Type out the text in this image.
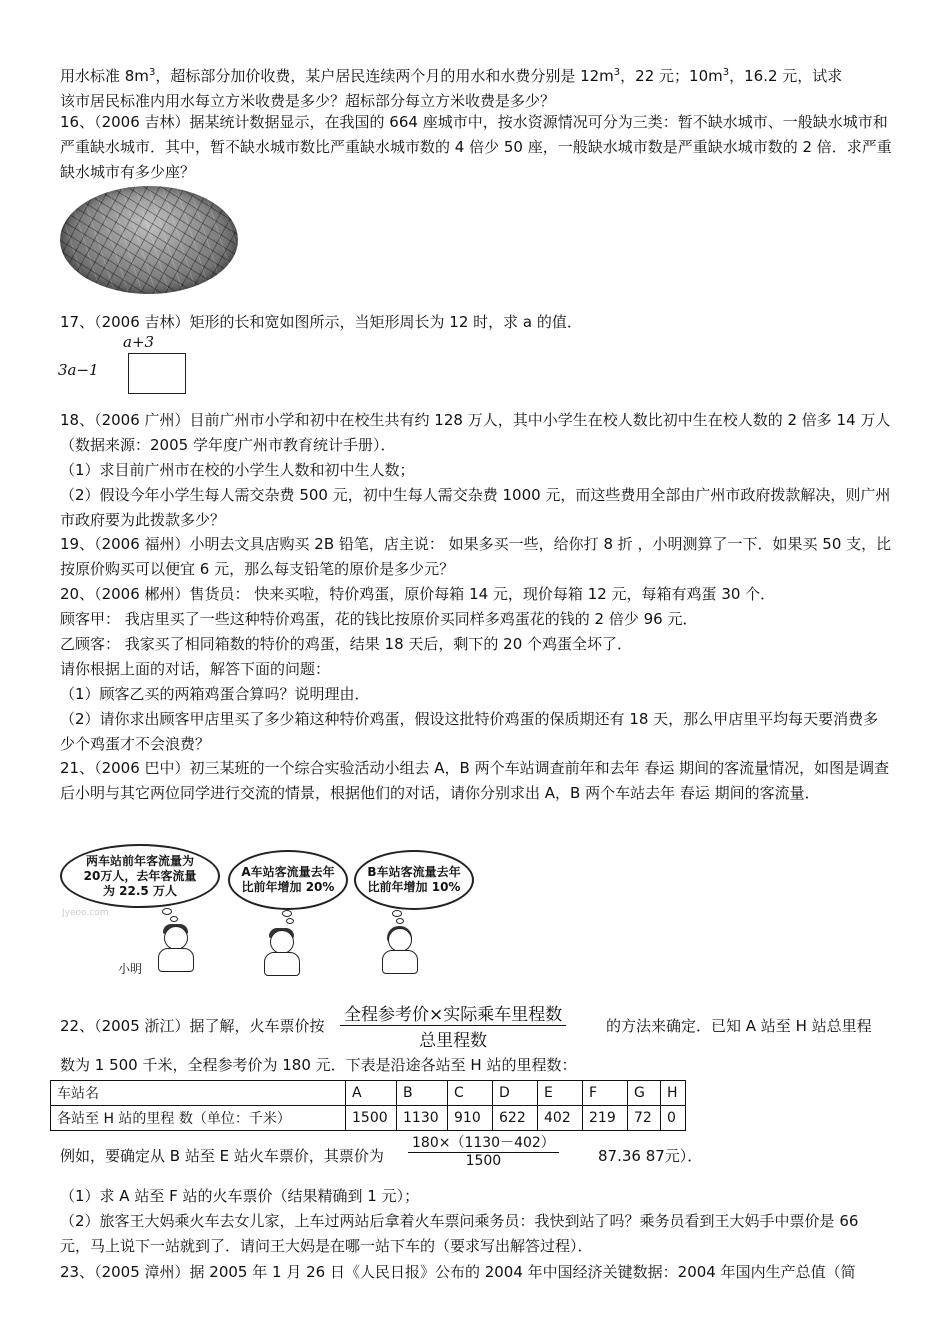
用水标准 $8m^3$，超标部分加价收费，某户居民连续两个月的用水和水费分别是 $12m^3$，22 元；$10m^3$，16.2 元，试求
该市居民标准内用水每立方米收费是多少？超标部分每立方米收费是多少？
16、（2006 吉林）据某统计数据显示，在我国的 664 座城市中，按水资源情况可分为三类：暂不缺水城市、一般缺水城市和严重缺水城市．其中，暂不缺水城市数比严重缺水城市数的 4 倍少 50 座，一般缺水城市数是严重缺水城市数的 2 倍．求严重缺水城市有多少座？
17、（2006 吉林）矩形的长和宽如图所示，当矩形周长为 12 时，求 a 的值．
a+3
3a−1
18、（2006 广州）目前广州市小学和初中在校生共有约 128 万人，其中小学生在校人数比初中生在校人数的 2 倍多 14 万人（数据来源：2005 学年度广州市教育统计手册）．
（1）求目前广州市在校的小学生人数和初中生人数；
（2）假设今年小学生每人需交杂费 500 元，初中生每人需交杂费 1000 元，而这些费用全部由广州市政府拨款解决，则广州市政府要为此拨款多少？
19、（2006 福州）小明去文具店购买 2B 铅笔，店主说： 如果多买一些，给你打 8 折 ，小明测算了一下．如果买 50 支，比按原价购买可以便宜 6 元，那么每支铅笔的原价是多少元？
20、（2006 郴州）售货员： 快来买啦，特价鸡蛋，原价每箱 14 元，现价每箱 12 元，每箱有鸡蛋 30 个．
顾客甲： 我店里买了一些这种特价鸡蛋，花的钱比按原价买同样多鸡蛋花的钱的 2 倍少 96 元．
乙顾客： 我家买了相同箱数的特价的鸡蛋，结果 18 天后，剩下的 20 个鸡蛋全坏了．
请你根据上面的对话，解答下面的问题：
（1）顾客乙买的两箱鸡蛋合算吗？说明理由．
（2）请你求出顾客甲店里买了多少箱这种特价鸡蛋，假设这批特价鸡蛋的保质期还有 18 天，那么甲店里平均每天要消费多少个鸡蛋才不会浪费？
21、（2006 巴中）初三某班的一个综合实验活动小组去 A，B 两个车站调查前年和去年 春运 期间的客流量情况，如图是调查后小明与其它两位同学进行交流的情景，根据他们的对话，请你分别求出 A，B 两个车站去年 春运 期间的客流量．
两车站前年客流量为
20万人，去年客流量
为 22.5 万人
A车站客流量去年
比前年增加 20%
B车站客流量去年
比前年增加 10%
Jyeoo.com
小明
22、（2005 浙江）据了解，火车票价按
全程参考价×实际乘车里程数
总里程数
的方法来确定．已知 A 站至 H 站总里程
数为 1 500 千米，全程参考价为 180 元．下表是沿途各站至 H 站的里程数：
车站名	A	B	C	D	E	F	G	H
各站至 H 站的里程 数（单位：千米）	1500	1130	910	622	402	219	72	0
例如，要确定从 B 站至 E 站火车票价，其票价为	$\frac{180\times(1130-402)}{1500}$	87.36 87元）．
（1）求 A 站至 F 站的火车票价（结果精确到 1 元）；
（2）旅客王大妈乘火车去女儿家，上车过两站后拿着火车票问乘务员：我快到站了吗？乘务员看到王大妈手中票价是 66 元，马上说下一站就到了．请问王大妈是在哪一站下车的（要求写出解答过程）．
23、（2005 漳州）据 2005 年 1 月 26 日《人民日报》公布的 2004 年中国经济关键数据：2004 年国内生产总值（简
